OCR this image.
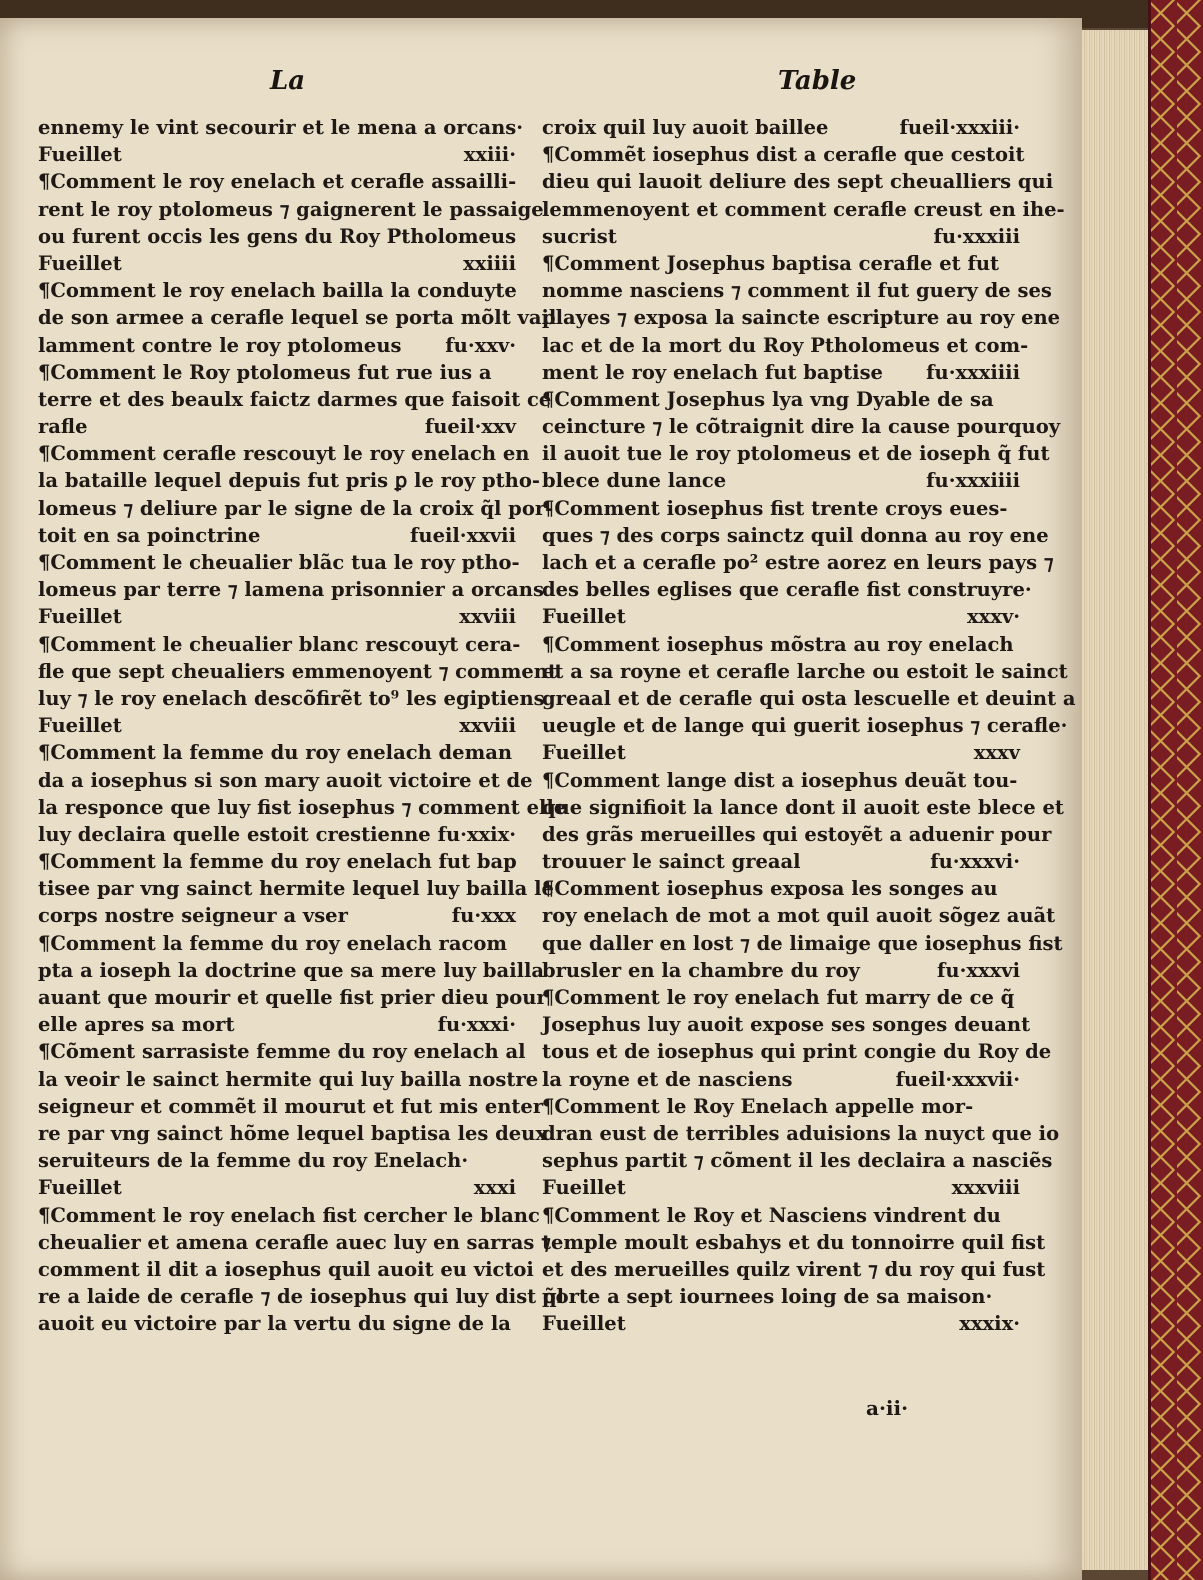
La	Table
ennemy le vint secourir et le mena a orcans·
Fueillet	xxiii·
¶Comment le roy enelach et cerafle assailli-
rent le roy ptolomeus ⁊ gaignerent le passaige
ou furent occis les gens du Roy Ptholomeus
Fueillet	xxiiii
¶Comment le roy enelach bailla la conduyte
de son armee a cerafle lequel se porta mõlt vail
lamment contre le roy ptolomeus fu·xxv·
¶Comment le Roy ptolomeus fut rue ius a
terre et des beaulx faictz darmes que faisoit ce
rafle	fueil·xxv
¶Comment cerafle rescouyt le roy enelach en
la bataille lequel depuis fut pris ꝑ le roy ptho-
lomeus ⁊ deliure par le signe de la croix q̃l por-
toit en sa poinctrine	fueil·xxvii
¶Comment le cheualier blãc tua le roy ptho-
lomeus par terre ⁊ lamena prisonnier a orcans
Fueillet	xxviii
¶Comment le cheualier blanc rescouyt cera-
fle que sept cheualiers emmenoyent ⁊ comment
luy ⁊ le roy enelach descõfirẽt to⁹ les egiptiens
Fueillet	xxviii
¶Comment la femme du roy enelach deman
da a iosephus si son mary auoit victoire et de
la responce que luy fist iosephus ⁊ comment elle
luy declaira quelle estoit crestienne fu·xxix·
¶Comment la femme du roy enelach fut bap
tisee par vng sainct hermite lequel luy bailla le
corps nostre seigneur a vser	fu·xxx
¶Comment la femme du roy enelach racom
pta a ioseph la doctrine que sa mere luy bailla
auant que mourir et quelle fist prier dieu pour
elle apres sa mort	fu·xxxi·
¶Cõment sarrasiste femme du roy enelach al
la veoir le sainct hermite qui luy bailla nostre
seigneur et commẽt il mourut et fut mis enter
re par vng sainct hõme lequel baptisa les deux
seruiteurs de la femme du roy Enelach·
Fueillet	xxxi
¶Comment le roy enelach fist cercher le blanc
cheualier et amena cerafle auec luy en sarras ⁊
comment il dit a iosephus quil auoit eu victoi
re a laide de cerafle ⁊ de iosephus qui luy dist q̃l
auoit eu victoire par la vertu du signe de la
croix quil luy auoit baillee	fueil·xxxiii·
¶Commẽt iosephus dist a cerafle que cestoit
dieu qui lauoit deliure des sept cheualliers qui
lemmenoyent et comment cerafle creust en ihe-
sucrist	fu·xxxiii
¶Comment Josephus baptisa cerafle et fut
nomme nasciens ⁊ comment il fut guery de ses
playes ⁊ exposa la saincte escripture au roy ene
lac et de la mort du Roy Ptholomeus et com-
ment le roy enelach fut baptise fu·xxxiiii
¶Comment Josephus lya vng Dyable de sa
ceincture ⁊ le cõtraignit dire la cause pourquoy
il auoit tue le roy ptolomeus et de ioseph q̃ fut
blece dune lance	fu·xxxiiii
¶Comment iosephus fist trente croys eues-
ques ⁊ des corps sainctz quil donna au roy ene
lach et a cerafle po² estre aorez en leurs pays ⁊
des belles eglises que cerafle fist construyre·
Fueillet	xxxv·
¶Comment iosephus mõstra au roy enelach
et a sa royne et cerafle larche ou estoit le sainct
greaal et de cerafle qui osta lescuelle et deuint a
ueugle et de lange qui guerit iosephus ⁊ cerafle·
Fueillet	xxxv
¶Comment lange dist a iosephus deuãt tou-
que signifioit la lance dont il auoit este blece et
des grãs merueilles qui estoyẽt a aduenir pour
trouuer le sainct greaal	fu·xxxvi·
¶Comment iosephus exposa les songes au
roy enelach de mot a mot quil auoit sõgez auãt
que daller en lost ⁊ de limaige que iosephus fist
brusler en la chambre du roy	fu·xxxvi
¶Comment le roy enelach fut marry de ce q̃
Josephus luy auoit expose ses songes deuant
tous et de iosephus qui print congie du Roy de
la royne et de nasciens	fueil·xxxvii·
¶Comment le Roy Enelach appelle mor-
dran eust de terribles aduisions la nuyct que io
sephus partit ⁊ cõment il les declaira a nasciẽs
Fueillet	xxxviii
¶Comment le Roy et Nasciens vindrent du
temple moult esbahys et du tonnoirre quil fist
et des merueilles quilz virent ⁊ du roy qui fust
porte a sept iournees loing de sa maison·
Fueillet	xxxix·
a·ii·
